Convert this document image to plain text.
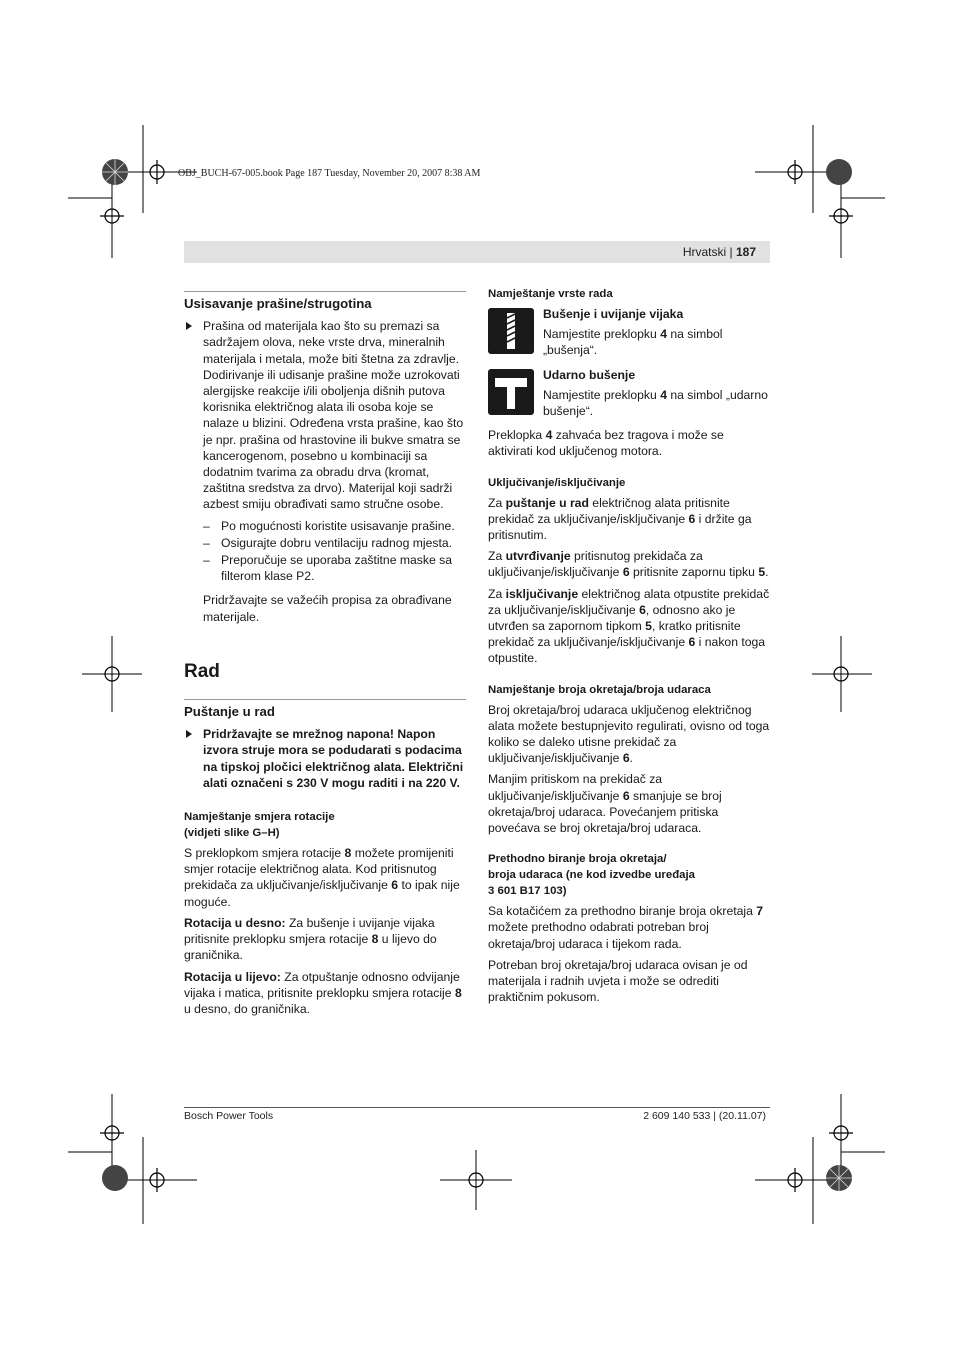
OBJ_BUCH-67-005.book Page 187 Tuesday, November 20, 2007 8:38 AM
Hrvatski | 187
Usisavanje prašine/strugotina
Prašina od materijala kao što su premazi sa sadržajem olova, neke vrste drva, mineralnih materijala i metala, može biti štetna za zdravlje. Dodirivanje ili udisanje prašine može uzrokovati alergijske reakcije i/ili oboljenja dišnih putova korisnika električnog alata ili osoba koje se nalaze u blizini. Određena vrsta prašine, kao što je npr. prašina od hrastovine ili bukve smatra se kancerogenom, posebno u kombinaciji sa dodatnim tvarima za obradu drva (kromat, zaštitna sredstva za drvo). Materijal koji sadrži azbest smiju obrađivati samo stručne osobe.
– Po mogućnosti koristite usisavanje prašine.
– Osigurajte dobru ventilaciju radnog mjesta.
– Preporučuje se uporaba zaštitne maske sa filterom klase P2.

Pridržavajte se važećih propisa za obrađivane materijale.

Rad
Puštanje u rad
Pridržavajte se mrežnog napona! Napon izvora struje mora se podudarati s podacima na tipskoj pločici električnog alata. Električni alati označeni s 230 V mogu raditi i na 220 V.
Namještanje smjera rotacije
(vidjeti slike G–H)

S preklopkom smjera rotacije 8 možete promijeniti smjer rotacije električnog alata. Kod pritisnutog prekidača za uključivanje/isključivanje 6 to ipak nije moguće.

Rotacija u desno: Za bušenje i uvijanje vijaka pritisnite preklopku smjera rotacije 8 u lijevo do graničnika.

Rotacija u lijevo: Za otpuštanje odnosno odvijanje vijaka i matica, pritisnite preklopku smjera rotacije 8 u desno, do graničnika.

Namještanje vrste rada
Bušenje i uvijanje vijaka
Namjestite preklopku 4 na simbol „bušenja“.
Udarno bušenje
Namjestite preklopku 4 na simbol „udarno bušenje“.

Preklopka 4 zahvaća bez tragova i može se aktivirati kod uključenog motora.

Uključivanje/isključivanje

Za puštanje u rad električnog alata pritisnite prekidač za uključivanje/isključivanje 6 i držite ga pritisnutim.

Za utvrđivanje pritisnutog prekidača za uključivanje/isključivanje 6 pritisnite zapornu tipku 5.

Za isključivanje električnog alata otpustite prekidač za uključivanje/isključivanje 6, odnosno ako je utvrđen sa zapornom tipkom 5, kratko pritisnite prekidač za uključivanje/isključivanje 6 i nakon toga otpustite.

Namještanje broja okretaja/broja udaraca

Broj okretaja/broj udaraca uključenog električnog alata možete bestupnjevito regulirati, ovisno od toga koliko se daleko utisne prekidač za uključivanje/isključivanje 6.

Manjim pritiskom na prekidač za uključivanje/isključivanje 6 smanjuje se broj okretaja/broj udaraca. Povećanjem pritiska povećava se broj okretaja/broj udaraca.

Prethodno biranje broja okretaja/
broja udaraca (ne kod izvedbe uređaja
3 601 B17 103)

Sa kotačićem za prethodno biranje broja okretaja 7 možete prethodno odabrati potreban broj okretaja/broj udaraca i tijekom rada.

Potreban broj okretaja/broj udaraca ovisan je od materijala i radnih uvjeta i može se odrediti praktičnim pokusom.

Bosch Power Tools	2 609 140 533 | (20.11.07)
